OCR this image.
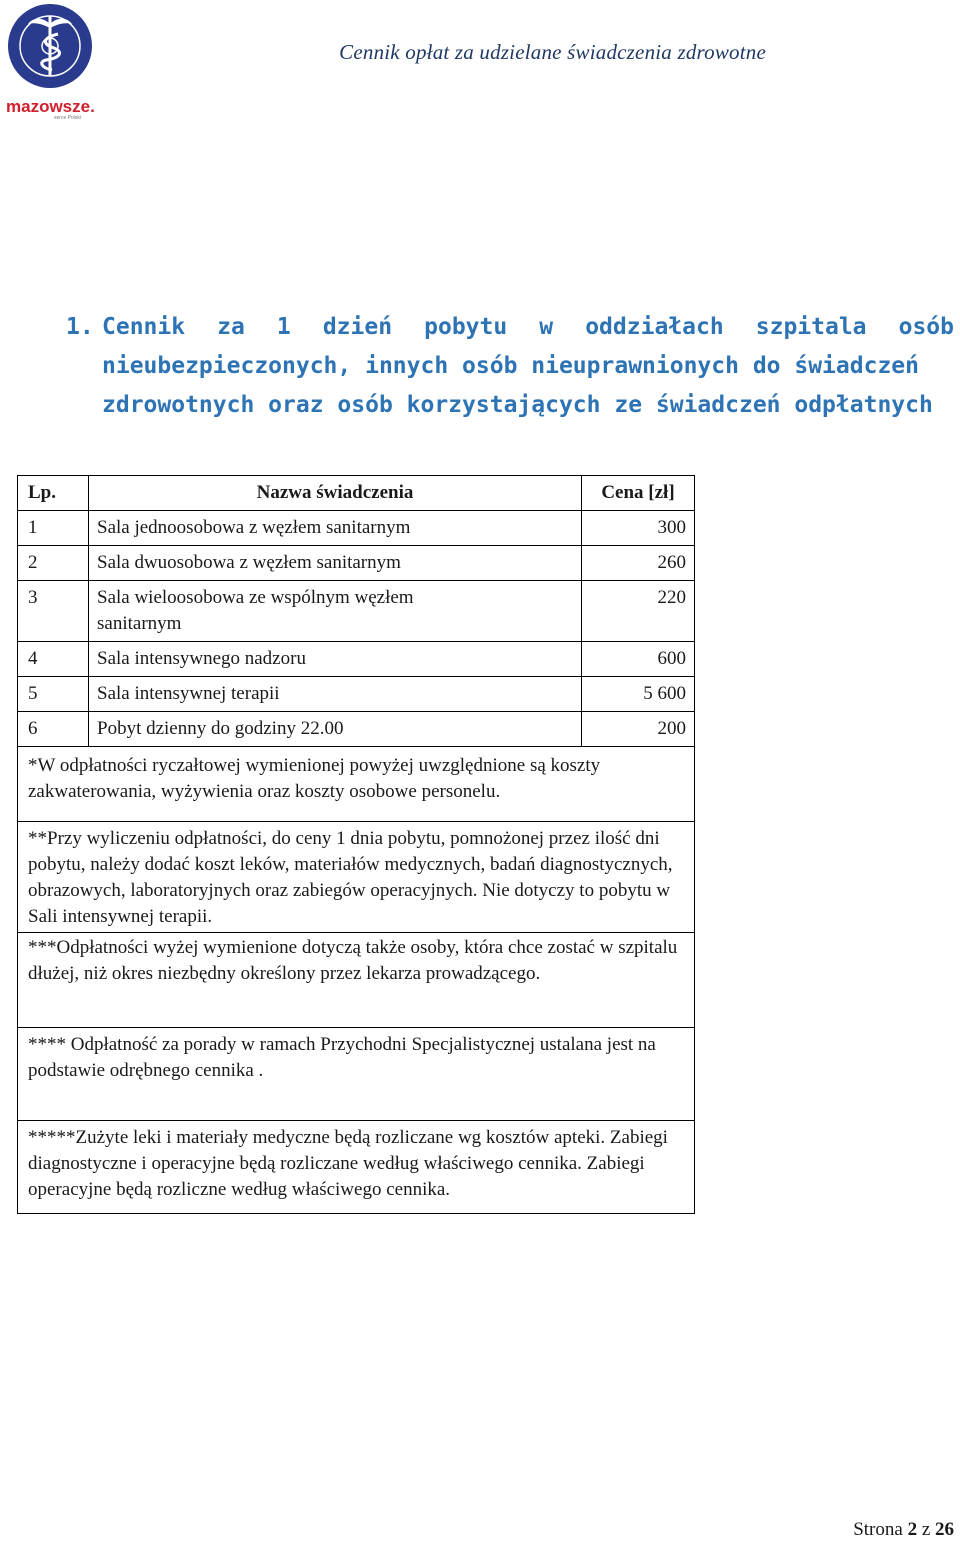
mazowsze.
serce Polski
Cennik opłat za udzielane świadczenia zdrowotne
1. Cennik za 1 dzień pobytu w oddziałach szpitala osób
nieubezpieczonych, innych osób nieuprawnionych do świadczeń
zdrowotnych oraz osób korzystających ze świadczeń odpłatnych
Lp.	Nazwa świadczenia	Cena [zł]
1	Sala jednoosobowa z węzłem sanitarnym	300
2	Sala dwuosobowa z węzłem sanitarnym	260
3	Sala wieloosobowa ze wspólnym węzłem sanitarnym	220
4	Sala intensywnego nadzoru	600
5	Sala intensywnej terapii	5 600
6	Pobyt dzienny do godziny 22.00	200

*W odpłatności ryczałtowej wymienionej powyżej uwzględnione są koszty zakwaterowania, wyżywienia oraz koszty osobowe personelu.		

**Przy wyliczeniu odpłatności, do ceny 1 dnia pobytu, pomnożonej przez ilość dni pobytu, należy dodać koszt leków, materiałów medycznych, badań diagnostycznych, obrazowych, laboratoryjnych oraz zabiegów operacyjnych. Nie dotyczy to pobytu w Sali intensywnej terapii.		

***Odpłatności wyżej wymienione dotyczą także osoby, która chce zostać w szpitalu dłużej, niż okres niezbędny określony przez lekarza prowadzącego.		

**** Odpłatność za porady w ramach Przychodni Specjalistycznej ustalana jest na podstawie odrębnego cennika .		

*****Zużyte leki i materiały medyczne będą rozliczane wg kosztów apteki. Zabiegi diagnostyczne i operacyjne będą rozliczane według właściwego cennika. Zabiegi operacyjne będą rozliczne według właściwego cennika.		

Strona 2 z 26
